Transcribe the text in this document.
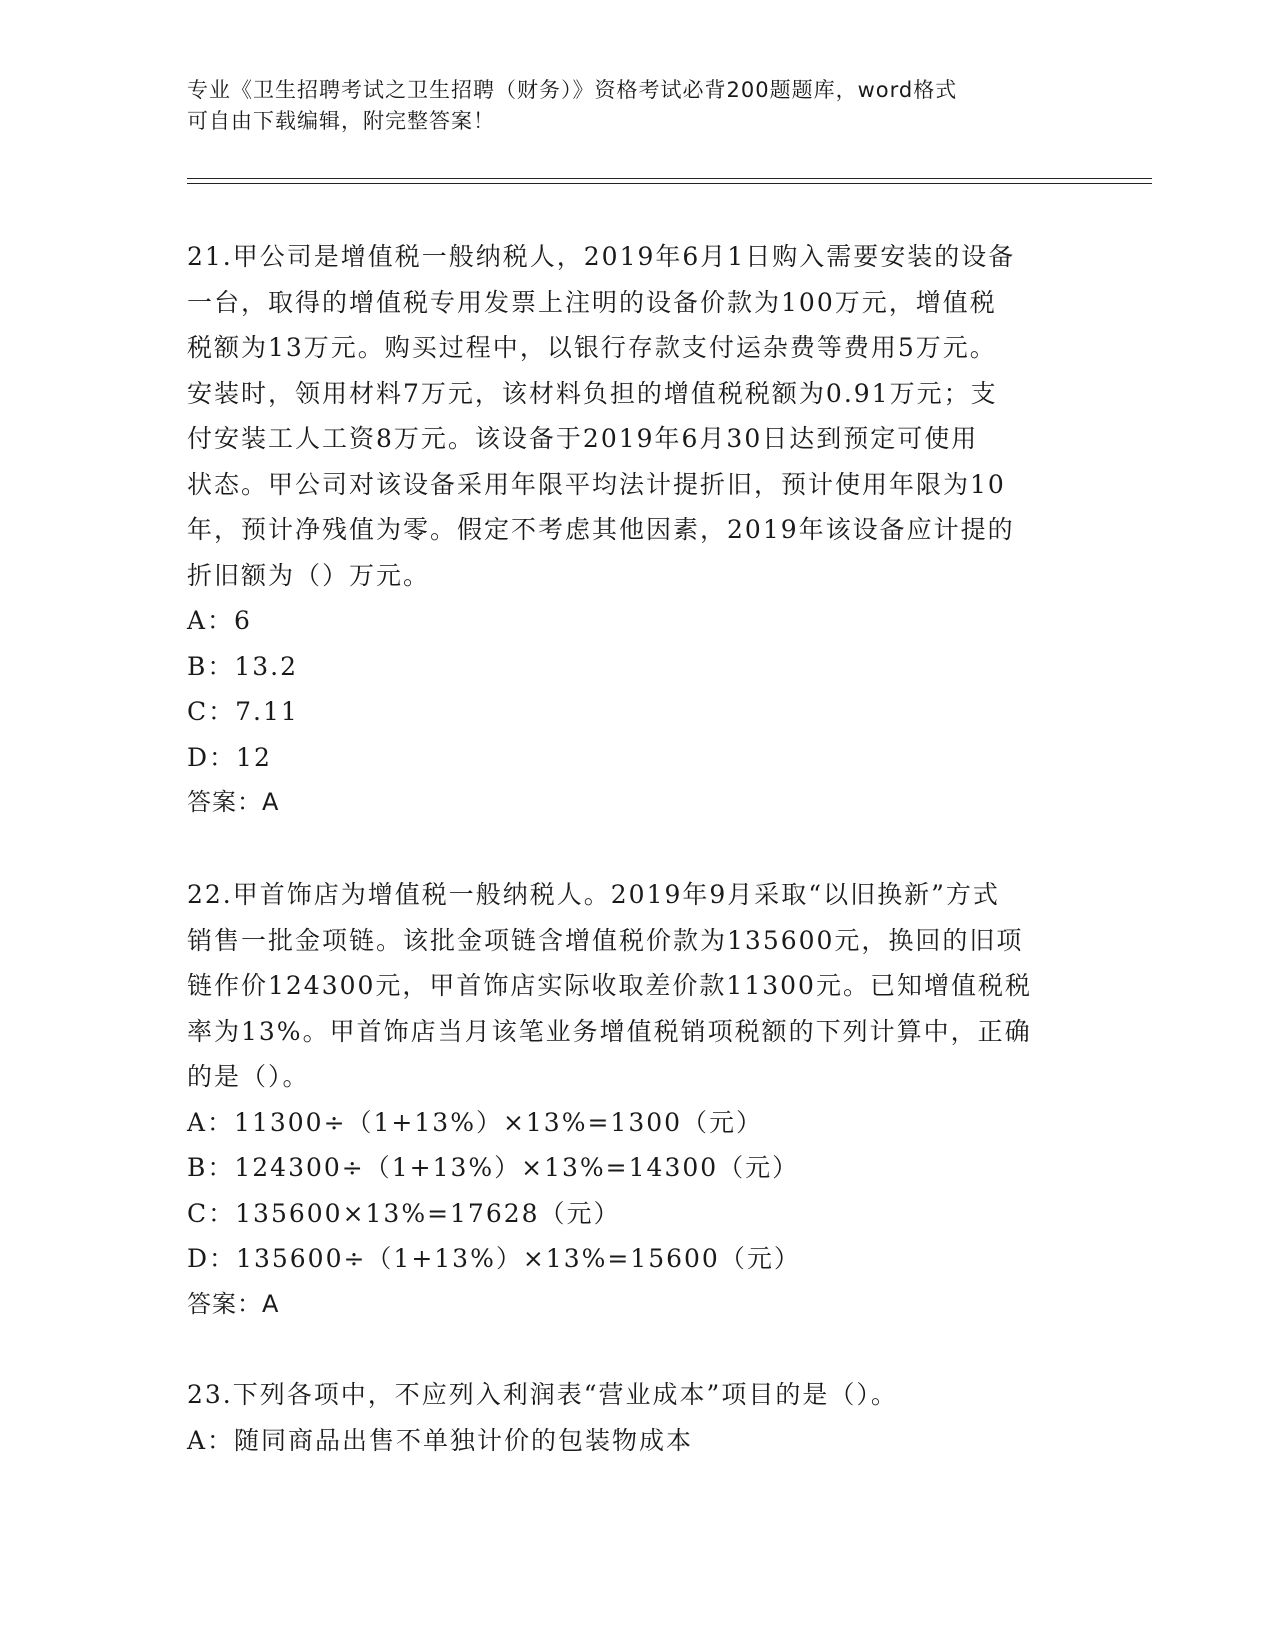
专业《卫生招聘考试之卫生招聘（财务）》资格考试必背200题题库，word格式
可自由下载编辑，附完整答案！

21.甲公司是增值税一般纳税人，2019年6月1日购入需要安装的设备

一台，取得的增值税专用发票上注明的设备价款为100万元，增值税

税额为13万元。购买过程中，以银行存款支付运杂费等费用5万元。

安装时，领用材料7万元，该材料负担的增值税税额为0.91万元；支

付安装工人工资8万元。该设备于2019年6月30日达到预定可使用

状态。甲公司对该设备采用年限平均法计提折旧，预计使用年限为10

年，预计净残值为零。假定不考虑其他因素，2019年该设备应计提的

折旧额为（）万元。

A：6

B：13.2

C：7.11

D：12

答案：A

22.甲首饰店为增值税一般纳税人。2019年9月采取“以旧换新”方式

销售一批金项链。该批金项链含增值税价款为135600元，换回的旧项

链作价124300元，甲首饰店实际收取差价款11300元。已知增值税税

率为13%。甲首饰店当月该笔业务增值税销项税额的下列计算中，正确

的是（）。

A：11300÷（1+13%）×13%=1300（元）

B：124300÷（1+13%）×13%=14300（元）

C：135600×13%=17628（元）

D：135600÷（1+13%）×13%=15600（元）

答案：A

23.下列各项中，不应列入利润表“营业成本”项目的是（）。

A：随同商品出售不单独计价的包装物成本
